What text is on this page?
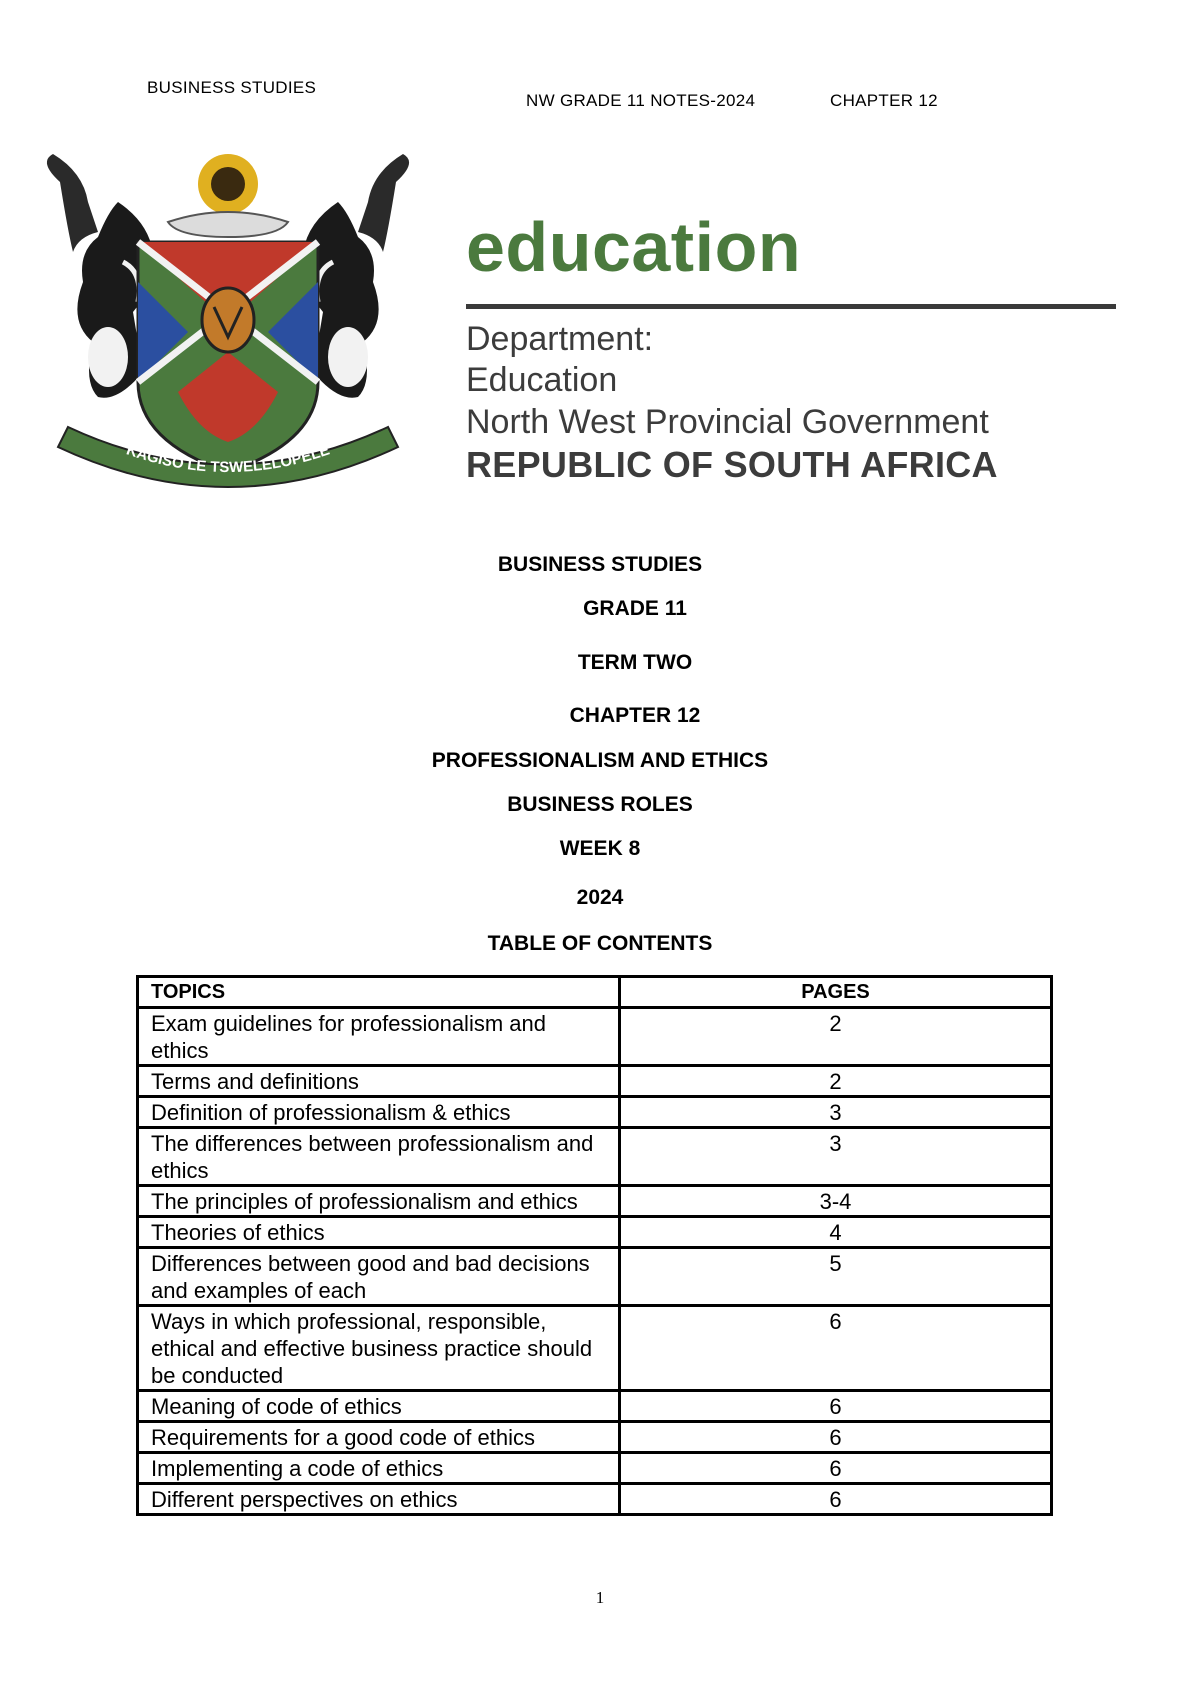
BUSINESS STUDIES
NW GRADE 11 NOTES-2024	CHAPTER 12
KAGISO LE TSWELELOPELE
education
Department:
Education
North West Provincial Government
REPUBLIC OF SOUTH AFRICA
BUSINESS STUDIES
GRADE 11
TERM TWO
CHAPTER 12
PROFESSIONALISM AND ETHICS
BUSINESS ROLES
WEEK 8
2024
TABLE OF CONTENTS
TOPICS	PAGES
Exam guidelines for professionalism and ethics	2
Terms and definitions	2
Definition of professionalism & ethics	3
The differences between professionalism and ethics	3
The principles of professionalism and ethics	3-4
Theories of ethics	4
Differences between good and bad decisions and examples of each	5
Ways in which professional, responsible, ethical and effective business practice should be conducted	6
Meaning of code of ethics	6
Requirements for a good code of ethics	6
Implementing a code of ethics	6
Different perspectives on ethics	6
1
